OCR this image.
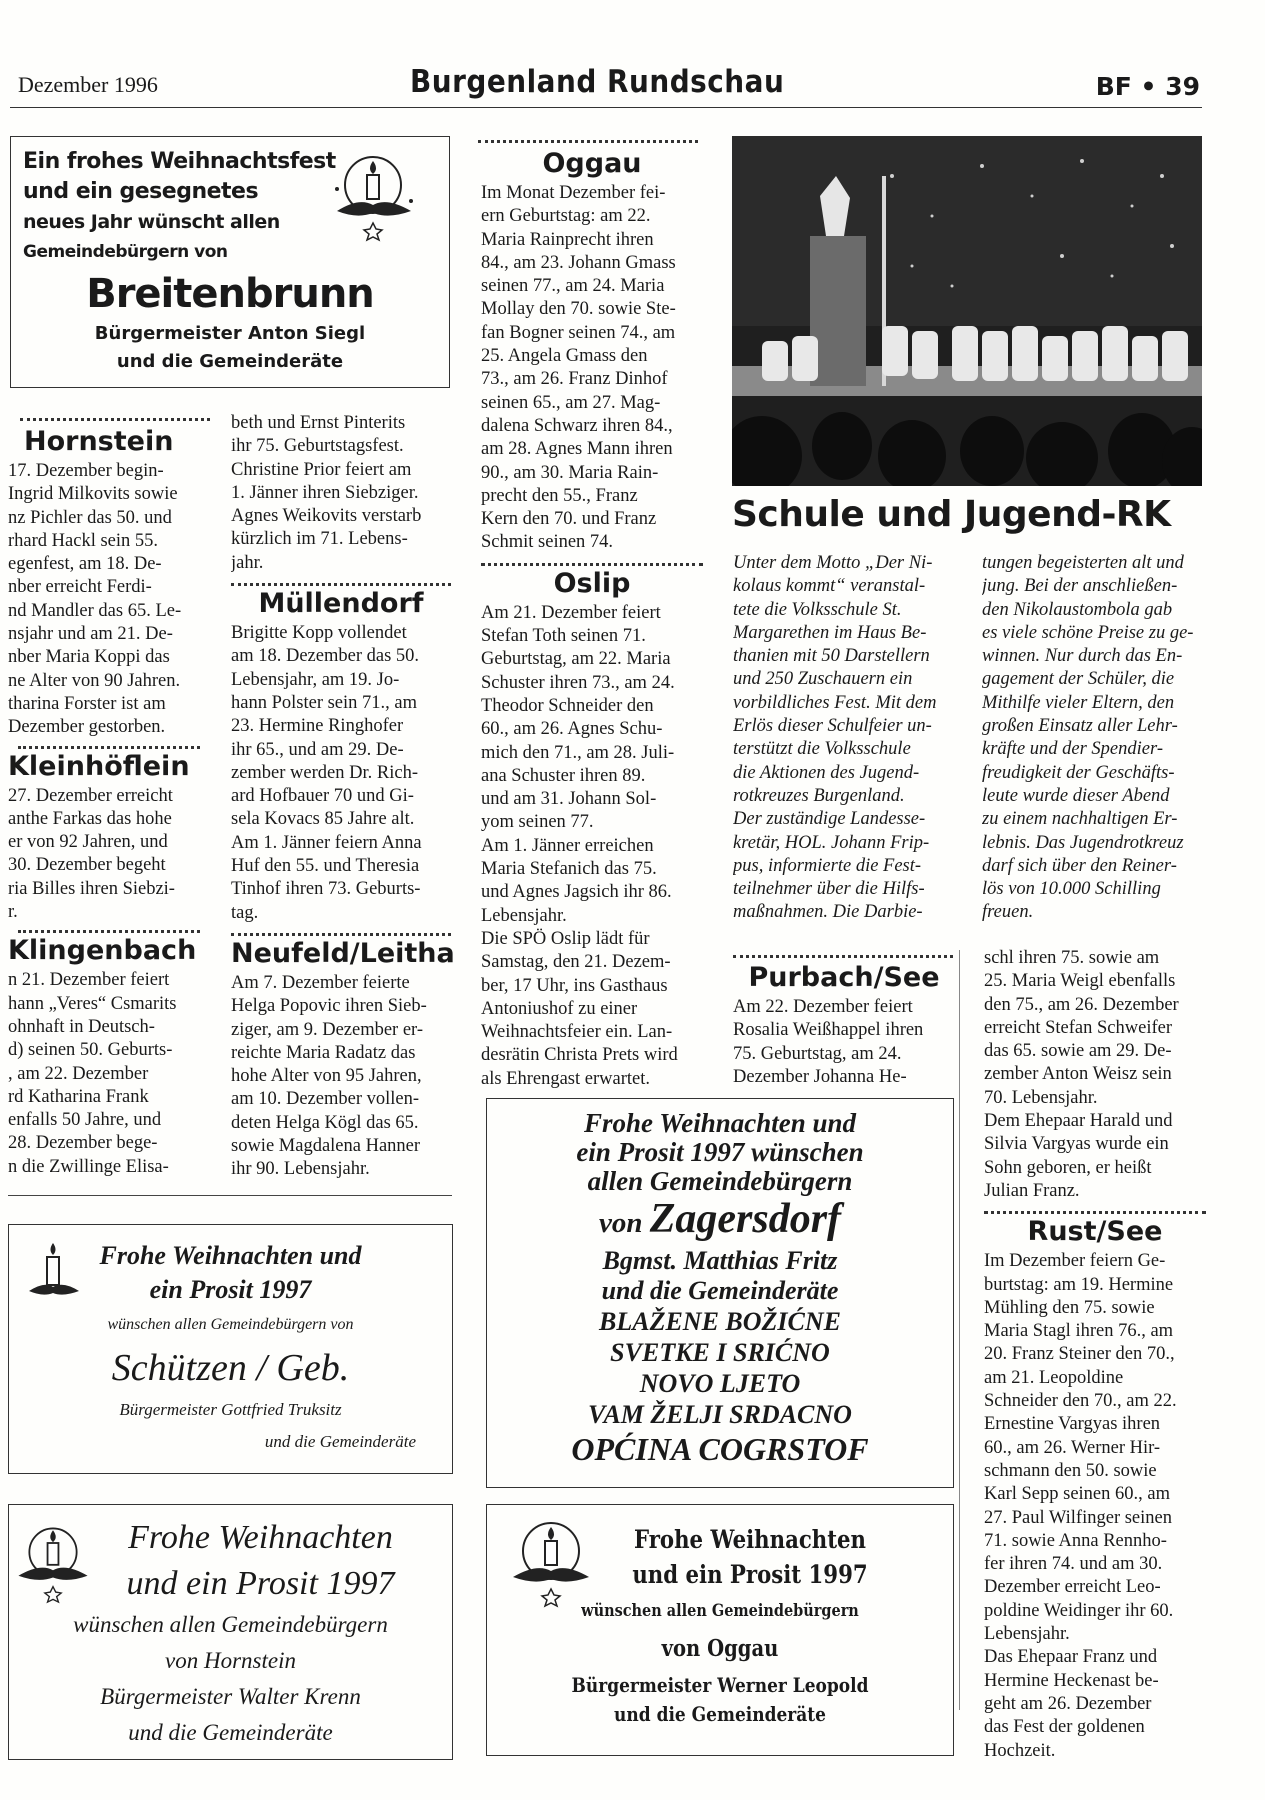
Dezember 1996	Burgenland Rundschau	BF • 39
Ein frohes Weihnachtsfest
und ein gesegnetes
neues Jahr wünscht allen
Gemeindebürgern von
Breitenbrunn
Bürgermeister Anton Siegl
und die Gemeinderäte
Hornstein
17. Dezember begin-
Ingrid Milkovits sowie
nz Pichler das 50. und
rhard Hackl sein 55.
egenfest, am 18. De-
nber erreicht Ferdi-
nd Mandler das 65. Le-
nsjahr und am 21. De-
nber Maria Koppi das
ne Alter von 90 Jahren.
tharina Forster ist am
Dezember gestorben.
Kleinhöflein
27. Dezember erreicht
anthe Farkas das hohe
er von 92 Jahren, und
30. Dezember begeht
ria Billes ihren Siebzi-
r.
Klingenbach
n 21. Dezember feiert
hann „Veres“ Csmarits
ohnhaft in Deutsch-
d) seinen 50. Geburts-
, am 22. Dezember
rd Katharina Frank
enfalls 50 Jahre, und
28. Dezember bege-
n die Zwillinge Elisa-
beth und Ernst Pinterits
ihr 75. Geburtstagsfest.
Christine Prior feiert am
1. Jänner ihren Siebziger.
Agnes Weikovits verstarb
kürzlich im 71. Lebens-
jahr.
Müllendorf
Brigitte Kopp vollendet
am 18. Dezember das 50.
Lebensjahr, am 19. Jo-
hann Polster sein 71., am
23. Hermine Ringhofer
ihr 65., und am 29. De-
zember werden Dr. Rich-
ard Hofbauer 70 und Gi-
sela Kovacs 85 Jahre alt.
Am 1. Jänner feiern Anna
Huf den 55. und Theresia
Tinhof ihren 73. Geburts-
tag.
Neufeld/Leitha
Am 7. Dezember feierte
Helga Popovic ihren Sieb-
ziger, am 9. Dezember er-
reichte Maria Radatz das
hohe Alter von 95 Jahren,
am 10. Dezember vollen-
deten Helga Kögl das 65.
sowie Magdalena Hanner
ihr 90. Lebensjahr.
Oggau
Im Monat Dezember fei-
ern Geburtstag: am 22.
Maria Rainprecht ihren
84., am 23. Johann Gmass
seinen 77., am 24. Maria
Mollay den 70. sowie Ste-
fan Bogner seinen 74., am
25. Angela Gmass den
73., am 26. Franz Dinhof
seinen 65., am 27. Mag-
dalena Schwarz ihren 84.,
am 28. Agnes Mann ihren
90., am 30. Maria Rain-
precht den 55., Franz
Kern den 70. und Franz
Schmit seinen 74.
Oslip
Am 21. Dezember feiert
Stefan Toth seinen 71.
Geburtstag, am 22. Maria
Schuster ihren 73., am 24.
Theodor Schneider den
60., am 26. Agnes Schu-
mich den 71., am 28. Juli-
ana Schuster ihren 89.
und am 31. Johann Sol-
yom seinen 77.
Am 1. Jänner erreichen
Maria Stefanich das 75.
und Agnes Jagsich ihr 86.
Lebensjahr.
Die SPÖ Oslip lädt für
Samstag, den 21. Dezem-
ber, 17 Uhr, ins Gasthaus
Antoniushof zu einer
Weihnachtsfeier ein. Lan-
desrätin Christa Prets wird
als Ehrengast erwartet.
Schule und Jugend-RK
Unter dem Motto „Der Ni-
kolaus kommt“ veranstal-
tete die Volksschule St.
Margarethen im Haus Be-
thanien mit 50 Darstellern
und 250 Zuschauern ein
vorbildliches Fest. Mit dem
Erlös dieser Schulfeier un-
terstützt die Volksschule
die Aktionen des Jugend-
rotkreuzes Burgenland.
Der zuständige Landesse-
kretär, HOL. Johann Frip-
pus, informierte die Fest-
teilnehmer über die Hilfs-
maßnahmen. Die Darbie-
tungen begeisterten alt und
jung. Bei der anschließen-
den Nikolaustombola gab
es viele schöne Preise zu ge-
winnen. Nur durch das En-
gagement der Schüler, die
Mithilfe vieler Eltern, den
großen Einsatz aller Lehr-
kräfte und der Spendier-
freudigkeit der Geschäfts-
leute wurde dieser Abend
zu einem nachhaltigen Er-
lebnis. Das Jugendrotkreuz
darf sich über den Reiner-
lös von 10.000 Schilling
freuen.
Purbach/See
Am 22. Dezember feiert
Rosalia Weißhappel ihren
75. Geburtstag, am 24.
Dezember Johanna He-
schl ihren 75. sowie am
25. Maria Weigl ebenfalls
den 75., am 26. Dezember
erreicht Stefan Schweifer
das 65. sowie am 29. De-
zember Anton Weisz sein
70. Lebensjahr.
Dem Ehepaar Harald und
Silvia Vargyas wurde ein
Sohn geboren, er heißt
Julian Franz.
Rust/See
Im Dezember feiern Ge-
burtstag: am 19. Hermine
Mühling den 75. sowie
Maria Stagl ihren 76., am
20. Franz Steiner den 70.,
am 21. Leopoldine
Schneider den 70., am 22.
Ernestine Vargyas ihren
60., am 26. Werner Hir-
schmann den 50. sowie
Karl Sepp seinen 60., am
27. Paul Wilfinger seinen
71. sowie Anna Rennho-
fer ihren 74. und am 30.
Dezember erreicht Leo-
poldine Weidinger ihr 60.
Lebensjahr.
Das Ehepaar Franz und
Hermine Heckenast be-
geht am 26. Dezember
das Fest der goldenen
Hochzeit.
Frohe Weihnachten und
ein Prosit 1997 wünschen
allen Gemeindebürgern
von Zagersdorf
Bgmst. Matthias Fritz
und die Gemeinderäte
BLAŽENE BOŽIĆNE
SVETKE I SRIĆNO
NOVO LJETO
VAM ŽELJI SRDACNO
OPĆINA COGRSTOF
Frohe Weihnachten und
ein Prosit 1997
wünschen allen Gemeindebürgern von
Schützen / Geb.
Bürgermeister Gottfried Truksitz
und die Gemeinderäte
Frohe Weihnachten
und ein Prosit 1997
wünschen allen Gemeindebürgern
von Hornstein
Bürgermeister Walter Krenn
und die Gemeinderäte
Frohe Weihnachten
und ein Prosit 1997
wünschen allen Gemeindebürgern
von Oggau
Bürgermeister Werner Leopold
und die Gemeinderäte
